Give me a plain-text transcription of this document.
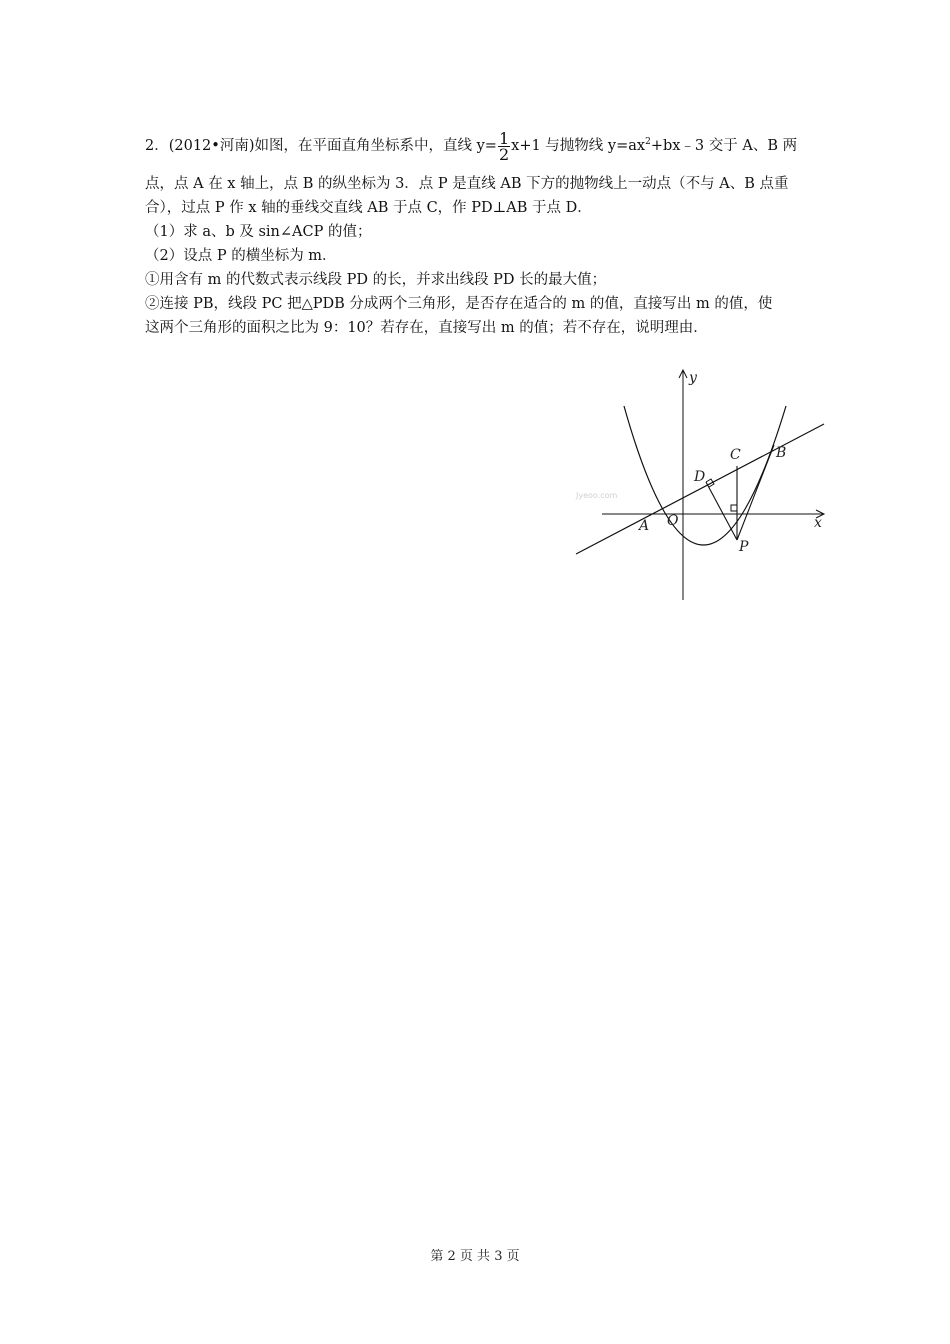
2．(2012•河南)如图，在平面直角坐标系中，直线 $y= \frac{1}{2} x+1$ 与抛物线 $y=ax^2+bx﹣3$ 交于 A、B 两
点，点 A 在 x 轴上，点 B 的纵坐标为 3．点 P 是直线 AB 下方的抛物线上一动点（不与 A、B 点重
合），过点 P 作 x 轴的垂线交直线 AB 于点 C，作 PD⊥AB 于点 D．
（1）求 a、b 及 sin∠ACP 的值；
（2）设点 P 的横坐标为 m．
①用含有 m 的代数式表示线段 PD 的长，并求出线段 PD 长的最大值；
②连接 PB，线段 PC 把△PDB 分成两个三角形，是否存在适合的 m 的值，直接写出 m 的值，使
这两个三角形的面积之比为 9：10？若存在，直接写出 m 的值；若不存在，说明理由．
Jyeoo.com
y
x
A O
B
C
D
P
第 2 页 共 3 页
